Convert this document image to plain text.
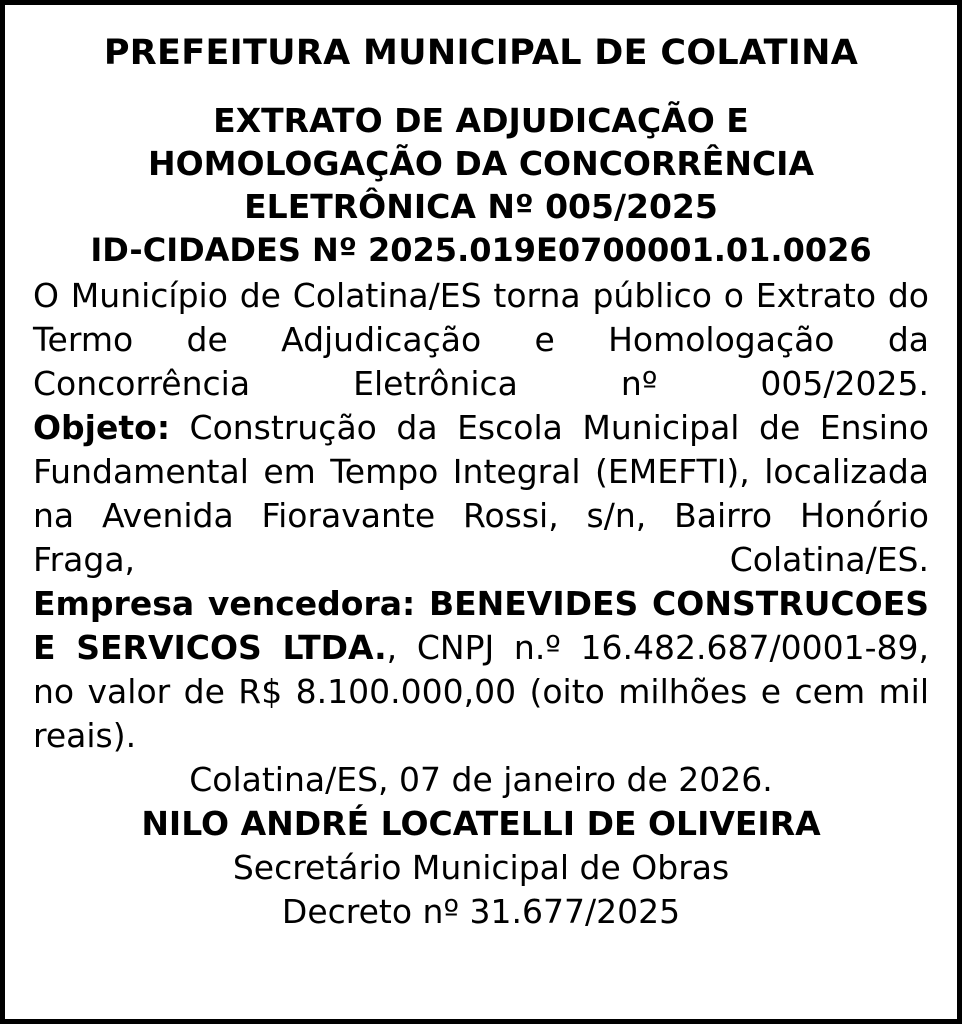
PREFEITURA MUNICIPAL DE COLATINA
EXTRATO DE ADJUDICAÇÃO E
HOMOLOGAÇÃO DA CONCORRÊNCIA
ELETRÔNICA Nº 005/2025
ID-CIDADES Nº 2025.019E0700001.01.0026

O Município de Colatina/ES torna público o Extrato do Termo de Adjudicação e Homologação da Concorrência Eletrônica nº 005/2025.

Objeto: Construção da Escola Municipal de Ensino Fundamental em Tempo Integral (EMEFTI), localizada na Avenida Fioravante Rossi, s/n, Bairro Honório Fraga, Colatina/ES.

Empresa vencedora: BENEVIDES CONSTRUCOES E SERVICOS LTDA., CNPJ n.º 16.482.687/0001-89, no valor de R$ 8.100.000,00 (oito milhões e cem mil reais).

Colatina/ES, 07 de janeiro de 2026.

NILO ANDRÉ LOCATELLI DE OLIVEIRA

Secretário Municipal de Obras

Decreto nº 31.677/2025
